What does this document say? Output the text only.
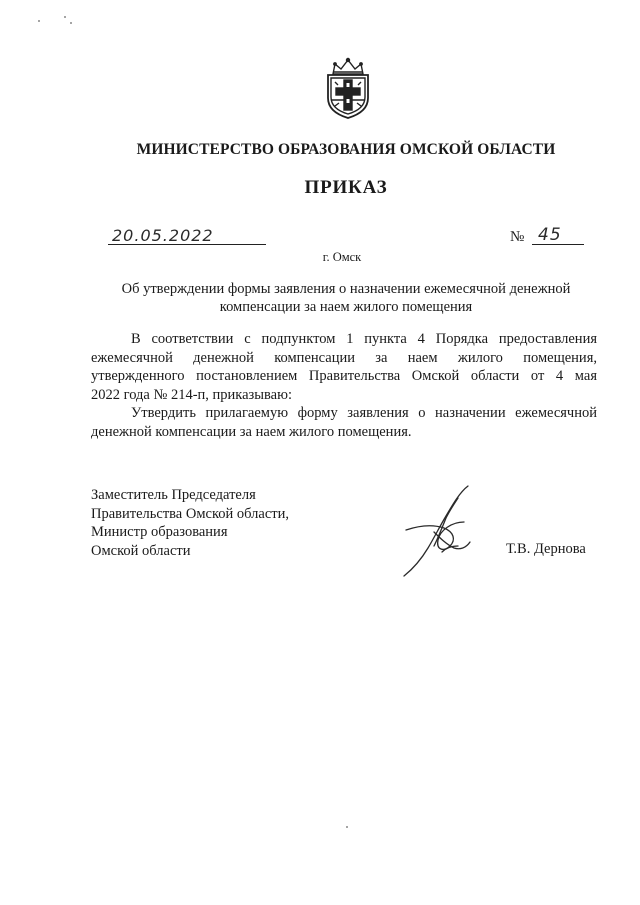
МИНИСТЕРСТВО ОБРАЗОВАНИЯ ОМСКОЙ ОБЛАСТИ
ПРИКАЗ
20.05.2022	№ 45
г. Омск
Об утверждении формы заявления о назначении ежемесячной денежной
компенсации за наем жилого помещения

В соответствии с подпунктом 1 пункта 4 Порядка предоставления
ежемесячной денежной компенсации за наем жилого помещения,
утвержденного постановлением Правительства Омской области от 4 мая
2022 года № 214-п, приказываю:

Утвердить прилагаемую форму заявления о назначении ежемесячной
денежной компенсации за наем жилого помещения.

Заместитель Председателя
Правительства Омской области,
Министр образования
Омской области	Т.В. Дернова
